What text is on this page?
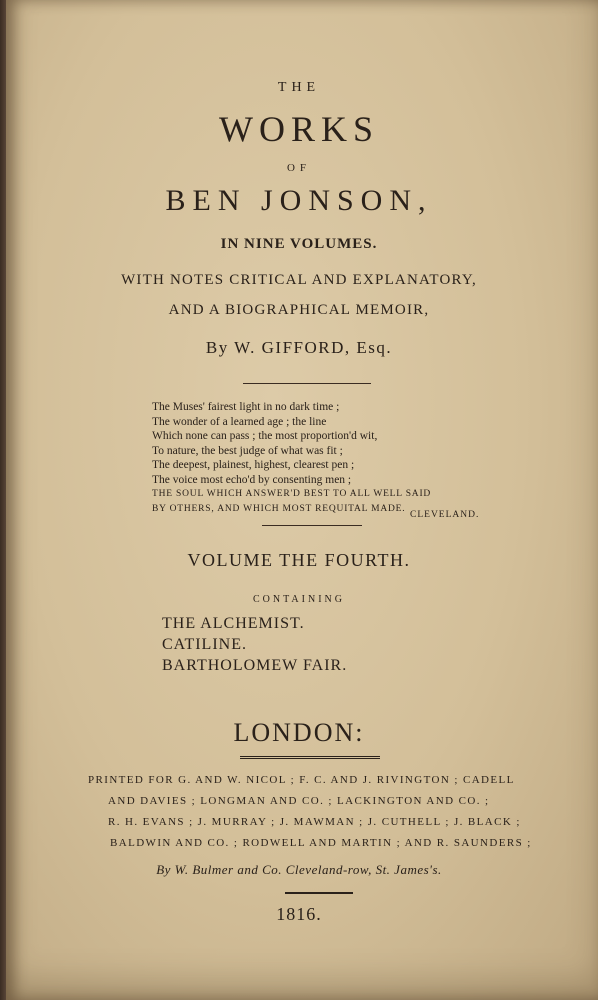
THE
WORKS
OF
BEN JONSON,
IN NINE VOLUMES.
WITH NOTES CRITICAL AND EXPLANATORY,
AND A BIOGRAPHICAL MEMOIR,
By W. GIFFORD, Esq.
The Muses' fairest light in no dark time ;
The wonder of a learned age ; the line
Which none can pass ; the most proportion'd wit,
To nature, the best judge of what was fit ;
The deepest, plainest, highest, clearest pen ;
The voice most echo'd by consenting men ;
THE SOUL WHICH ANSWER'D BEST TO ALL WELL SAID
BY OTHERS, AND WHICH MOST REQUITAL MADE.
CLEVELAND.
VOLUME THE FOURTH.
CONTAINING
THE ALCHEMIST.
CATILINE.
BARTHOLOMEW FAIR.
LONDON:
PRINTED FOR G. AND W. NICOL ; F. C. AND J. RIVINGTON ; CADELL
AND DAVIES ; LONGMAN AND CO. ; LACKINGTON AND CO. ;
R. H. EVANS ; J. MURRAY ; J. MAWMAN ; J. CUTHELL ; J. BLACK ;
BALDWIN AND CO. ; RODWELL AND MARTIN ; AND R. SAUNDERS ;
By W. Bulmer and Co. Cleveland-row, St. James's.
1816.
